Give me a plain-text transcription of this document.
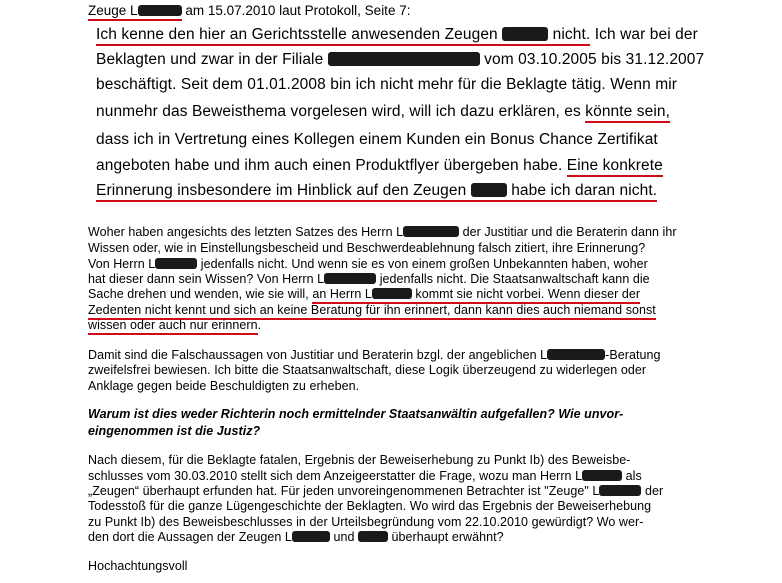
Zeuge L	am 15.07.2010 laut Protokoll, Seite 7:
Ich kenne den hier an Gerichtsstelle anwesenden Zeugen	nicht. Ich war bei der
Beklagten und zwar in der Filiale	vom 03.10.2005 bis 31.12.2007
beschäftigt. Seit dem 01.01.2008 bin ich nicht mehr für die Beklagte tätig. Wenn mir
nunmehr das Beweisthema vorgelesen wird, will ich dazu erklären, es könnte sein,
dass ich in Vertretung eines Kollegen einem Kunden ein Bonus Chance Zertifikat
angeboten habe und ihm auch einen Produktflyer übergeben habe. Eine konkrete
Erinnerung insbesondere im Hinblick auf den Zeugen	habe ich daran nicht.
Woher haben angesichts des letzten Satzes des Herrn L	der Justitiar und die Beraterin dann ihr
Wissen oder, wie in Einstellungsbescheid und Beschwerdeablehnung falsch zitiert, ihre Erinnerung?
Von Herrn L	jedenfalls nicht. Und wenn sie es von einem großen Unbekannten haben, woher
hat dieser dann sein Wissen? Von Herrn L	jedenfalls nicht. Die Staatsanwaltschaft kann die
Sache drehen und wenden, wie sie will, an Herrn L	kommt sie nicht vorbei. Wenn dieser der
Zedenten nicht kennt und sich an keine Beratung für ihn erinnert, dann kann dies auch niemand sonst
wissen oder auch nur erinnern.
Damit sind die Falschaussagen von Justitiar und Beraterin bzgl. der angeblichen L	-Beratung
zweifelsfrei bewiesen. Ich bitte die Staatsanwaltschaft, diese Logik überzeugend zu widerlegen oder
Anklage gegen beide Beschuldigten zu erheben.
Warum ist dies weder Richterin noch ermittelnder Staatsanwältin aufgefallen? Wie unvor-
eingenommen ist die Justiz?
Nach diesem, für die Beklagte fatalen, Ergebnis der Beweiserhebung zu Punkt Ib) des Beweisbe-
schlusses vom 30.03.2010 stellt sich dem Anzeigeerstatter die Frage, wozu man Herrn L	als
„Zeugen“ überhaupt erfunden hat. Für jeden unvoreingenommenen Betrachter ist "Zeuge" L	der
Todesstoß für die ganze Lügengeschichte der Beklagten. Wo wird das Ergebnis der Beweiserhebung
zu Punkt Ib) des Beweisbeschlusses in der Urteilsbegründung vom 22.10.2010 gewürdigt? Wo wer-
den dort die Aussagen der Zeugen L	und	überhaupt erwähnt?
Hochachtungsvoll
